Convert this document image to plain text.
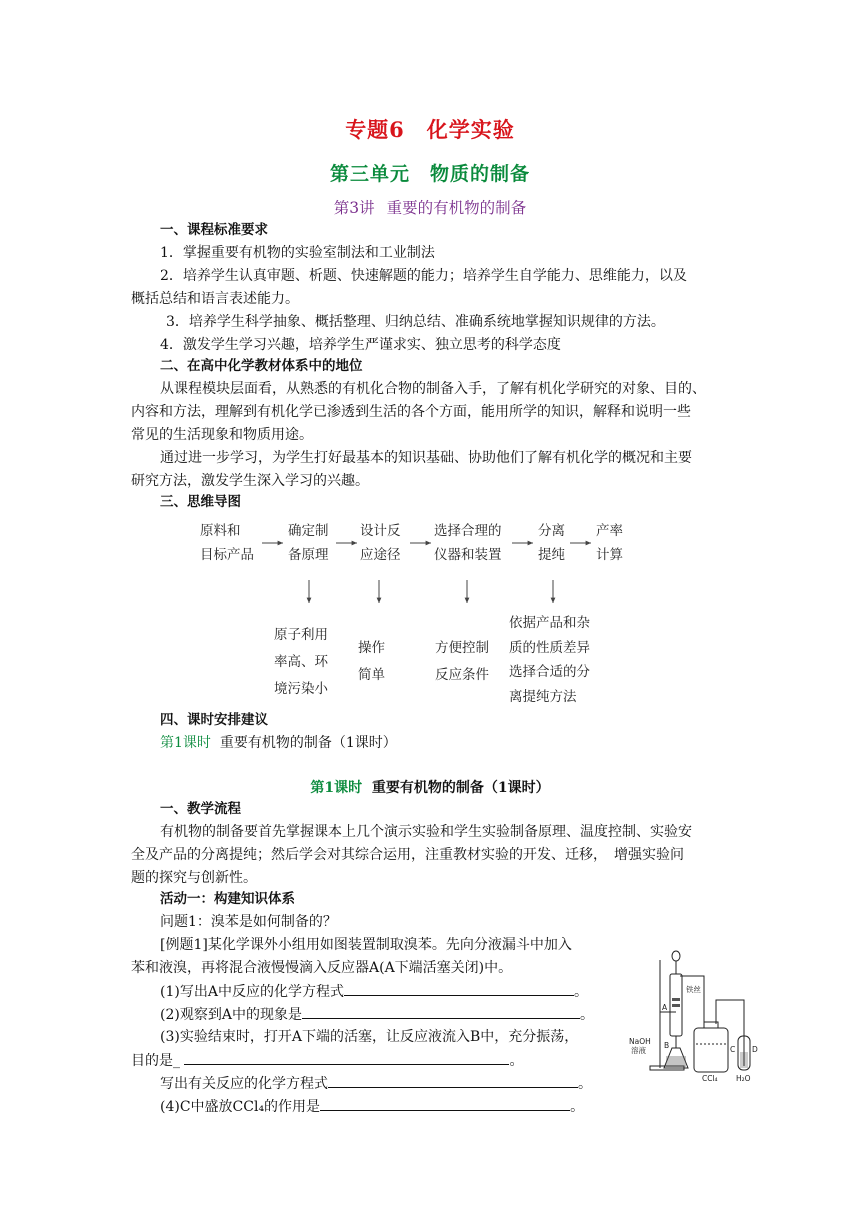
专题6　化学实验
第三单元　物质的制备
第3讲 重要的有机物的制备
一、课程标准要求
1．掌握重要有机物的实验室制法和工业制法
2．培养学生认真审题、析题、快速解题的能力；培养学生自学能力、思维能力，以及
概括总结和语言表述能力。
3．培养学生科学抽象、概括整理、归纳总结、准确系统地掌握知识规律的方法。
4．激发学生学习兴趣，培养学生严谨求实、独立思考的科学态度
二、在高中化学教材体系中的地位
从课程模块层面看，从熟悉的有机化合物的制备入手，了解有机化学研究的对象、目的、
内容和方法，理解到有机化学已渗透到生活的各个方面，能用所学的知识，解释和说明一些
常见的生活现象和物质用途。
通过进一步学习，为学生打好最基本的知识基础、协助他们了解有机化学的概况和主要
研究方法，激发学生深入学习的兴趣。
三、思维导图
原料和
目标产品
确定制
备原理
设计反
应途径
选择合理的
仪器和装置
分离
提纯
产率
计算
原子利用
率高、环
境污染小
操作
简单
方便控制
反应条件
依据产品和杂
质的性质差异
选择合适的分
离提纯方法
四、课时安排建议
第1课时 重要有机物的制备（1课时）
第1课时 重要有机物的制备（1课时）
一、教学流程
有机物的制备要首先掌握课本上几个演示实验和学生实验制备原理、温度控制、实验安
全及产品的分离提纯；然后学会对其综合运用，注重教材实验的开发、迁移，　增强实验问
题的探究与创新性。
活动一：构建知识体系
问题1：溴苯是如何制备的？
[例题1]某化学课外小组用如图装置制取溴苯。先向分液漏斗中加入
苯和液溴，再将混合液慢慢滴入反应器A(A下端活塞关闭)中。
(1)写出A中反应的化学方程式	。
(2)观察到A中的现象是	。
(3)实验结束时，打开A下端的活塞，让反应液流入B中，充分振荡，
目的是_	。
写出有关反应的化学方程式	。
(4)C中盛放CCl₄的作用是	。
A
铁丝
NaOH
溶液
B	C D
CCl₄ H₂O
